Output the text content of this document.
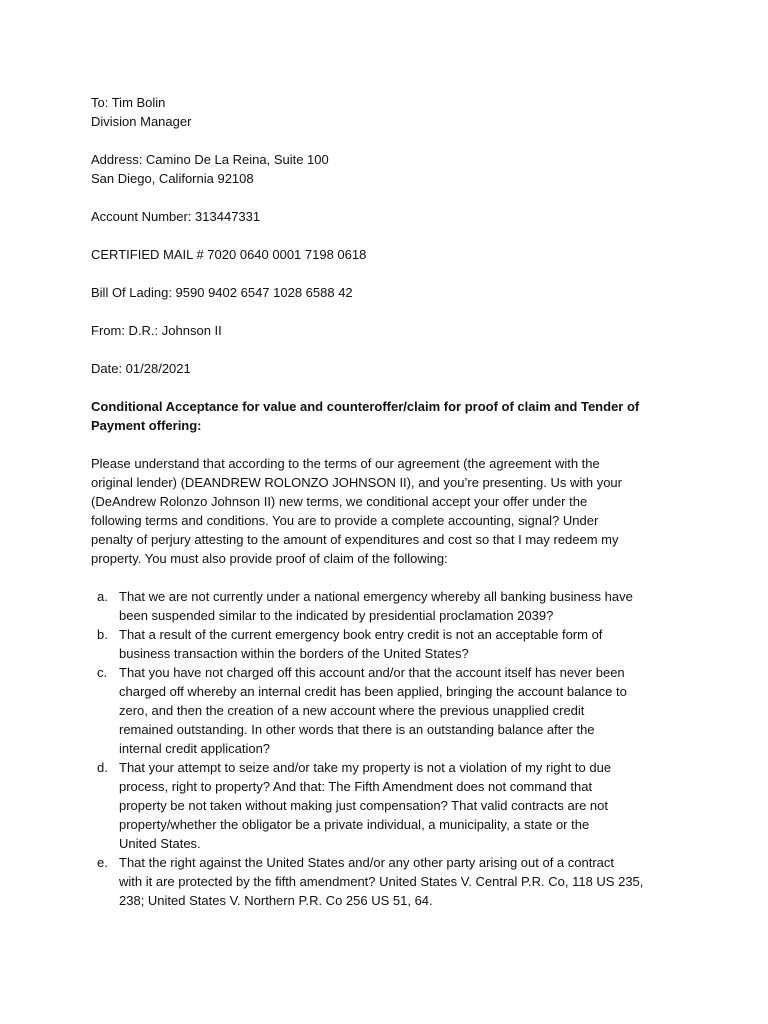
To: Tim Bolin

Division Manager

Address: Camino De La Reina, Suite 100

San Diego, California 92108

Account Number: 313447331

CERTIFIED MAIL # 7020 0640 0001 7198 0618

Bill Of Lading: 9590 9402 6547 1028 6588 42

From: D.R.: Johnson II

Date: 01/28/2021

Conditional Acceptance for value and counteroffer/claim for proof of claim and Tender of

Payment offering:

Please understand that according to the terms of our agreement (the agreement with the

original lender) (DEANDREW ROLONZO JOHNSON II), and you’re presenting. Us with your

(DeAndrew Rolonzo Johnson II) new terms, we conditional accept your offer under the

following terms and conditions. You are to provide a complete accounting, signal? Under

penalty of perjury attesting to the amount of expenditures and cost so that I may redeem my

property. You must also provide proof of claim of the following:

a. That we are not currently under a national emergency whereby all banking business have

been suspended similar to the indicated by presidential proclamation 2039?

b. That a result of the current emergency book entry credit is not an acceptable form of

business transaction within the borders of the United States?

c. That you have not charged off this account and/or that the account itself has never been

charged off whereby an internal credit has been applied, bringing the account balance to

zero, and then the creation of a new account where the previous unapplied credit

remained outstanding. In other words that there is an outstanding balance after the

internal credit application?

d. That your attempt to seize and/or take my property is not a violation of my right to due

process, right to property? And that: The Fifth Amendment does not command that

property be not taken without making just compensation? That valid contracts are not

property/whether the obligator be a private individual, a municipality, a state or the

United States.

e. That the right against the United States and/or any other party arising out of a contract

with it are protected by the fifth amendment? United States V. Central P.R. Co, 118 US 235,

238; United States V. Northern P.R. Co 256 US 51, 64.
